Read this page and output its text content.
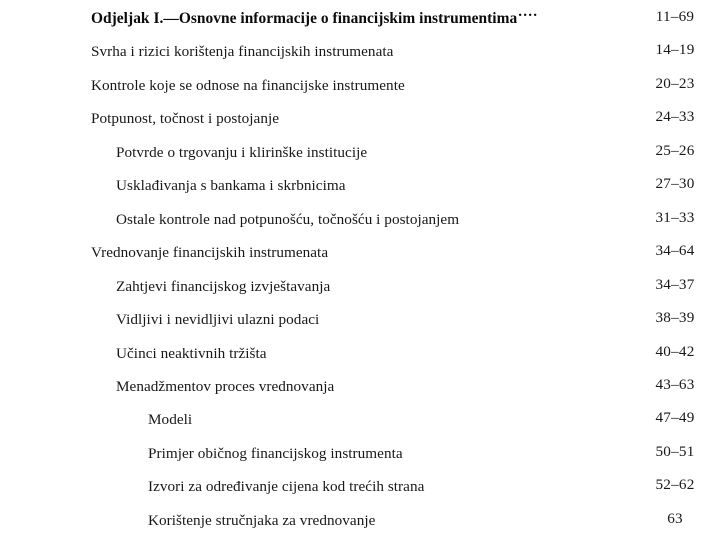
Odjeljak I.—Osnovne informacije o financijskim instrumentima ....	11–69
Svrha i rizici korištenja financijskih instrumenata	14–19
Kontrole koje se odnose na financijske instrumente	20–23
Potpunost, točnost i postojanje	24–33
Potvrde o trgovanju i klirinške institucije	25–26
Usklađivanja s bankama i skrbnicima	27–30
Ostale kontrole nad potpunošću, točnošću i postojanjem	31–33
Vrednovanje financijskih instrumenata	34–64
Zahtjevi financijskog izvještavanja	34–37
Vidljivi i nevidljivi ulazni podaci	38–39
Učinci neaktivnih tržišta	40–42
Menadžmentov proces vrednovanja	43–63
Modeli	47–49
Primjer običnog financijskog instrumenta	50–51
Izvori za određivanje cijena kod trećih strana	52–62
Korištenje stručnjaka za vrednovanje	63
